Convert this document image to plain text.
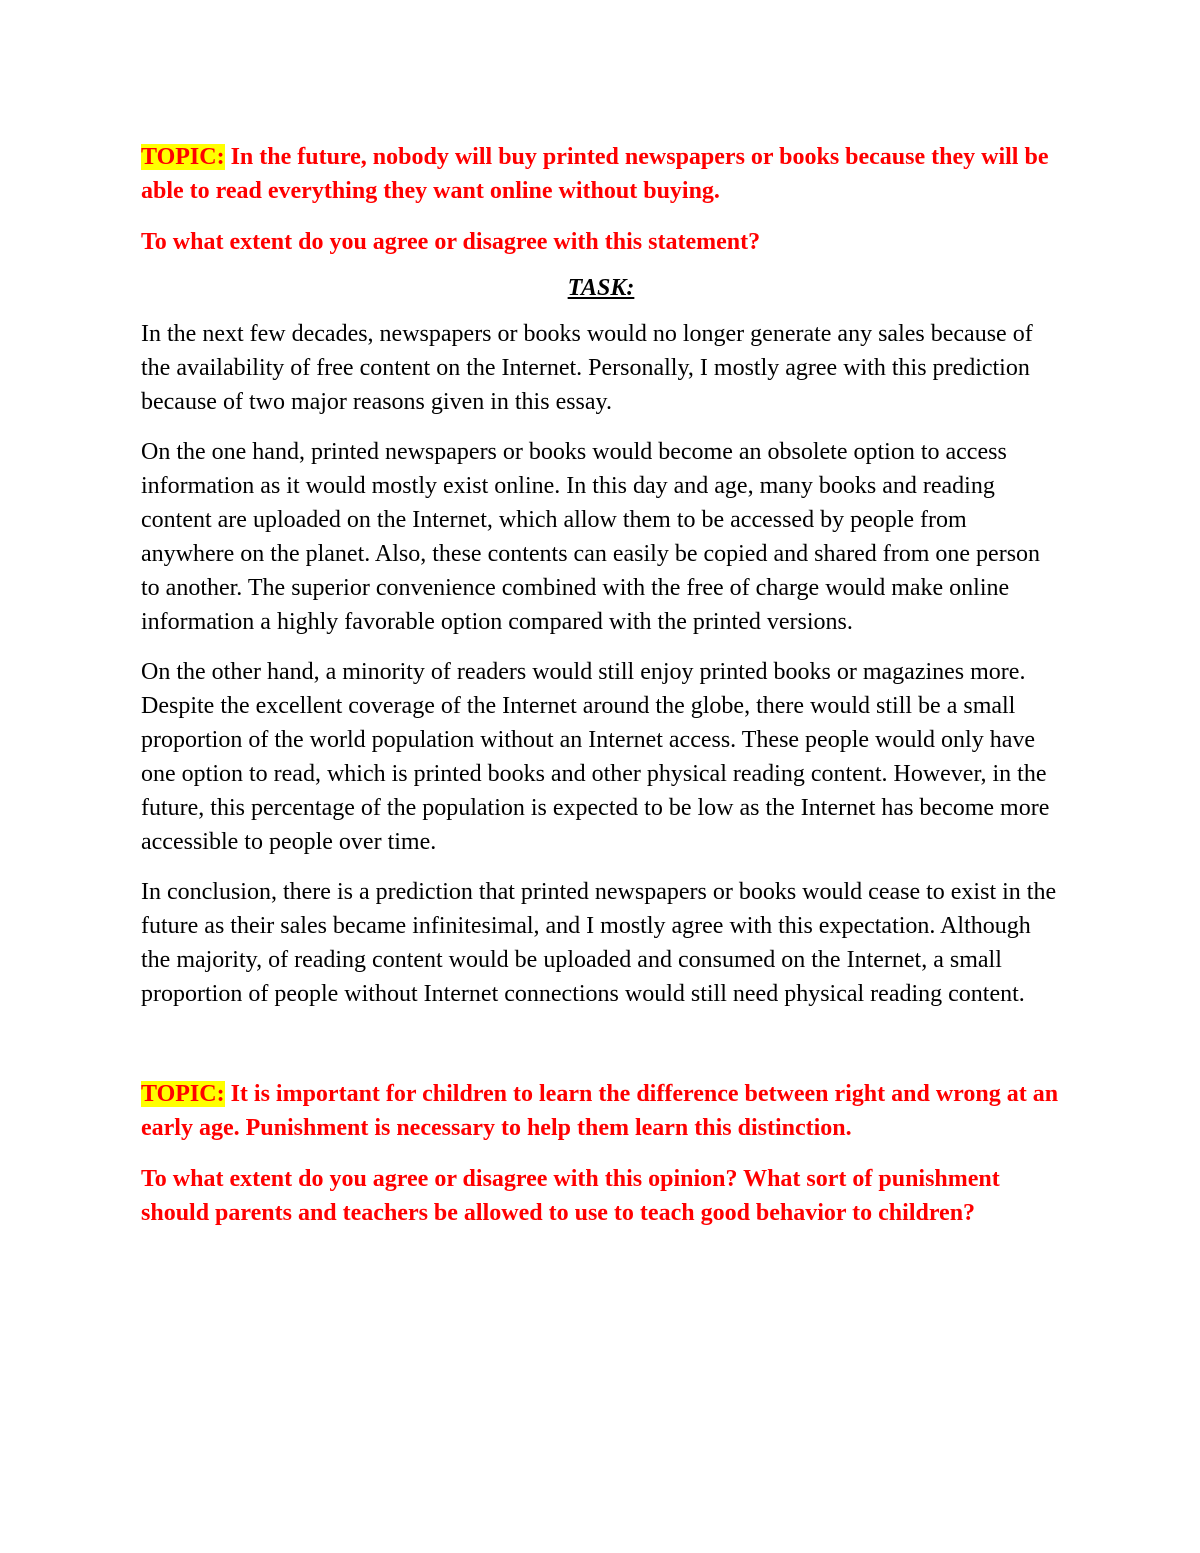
TOPIC: In the future, nobody will buy printed newspapers or books because they will be able to read everything they want online without buying.
To what extent do you agree or disagree with this statement?
TASK:
In the next few decades, newspapers or books would no longer generate any sales because of the availability of free content on the Internet. Personally, I mostly agree with this prediction because of two major reasons given in this essay.
On the one hand, printed newspapers or books would become an obsolete option to access information as it would mostly exist online. In this day and age, many books and reading content are uploaded on the Internet, which allow them to be accessed by people from anywhere on the planet. Also, these contents can easily be copied and shared from one person to another. The superior convenience combined with the free of charge would make online information a highly favorable option compared with the printed versions.
On the other hand, a minority of readers would still enjoy printed books or magazines more. Despite the excellent coverage of the Internet around the globe, there would still be a small proportion of the world population without an Internet access. These people would only have one option to read, which is printed books and other physical reading content. However, in the future, this percentage of the population is expected to be low as the Internet has become more accessible to people over time.
In conclusion, there is a prediction that printed newspapers or books would cease to exist in the future as their sales became infinitesimal, and I mostly agree with this expectation. Although the majority, of reading content would be uploaded and consumed on the Internet, a small proportion of people without Internet connections would still need physical reading content.
TOPIC: It is important for children to learn the difference between right and wrong at an early age. Punishment is necessary to help them learn this distinction.
To what extent do you agree or disagree with this opinion? What sort of punishment should parents and teachers be allowed to use to teach good behavior to children?
